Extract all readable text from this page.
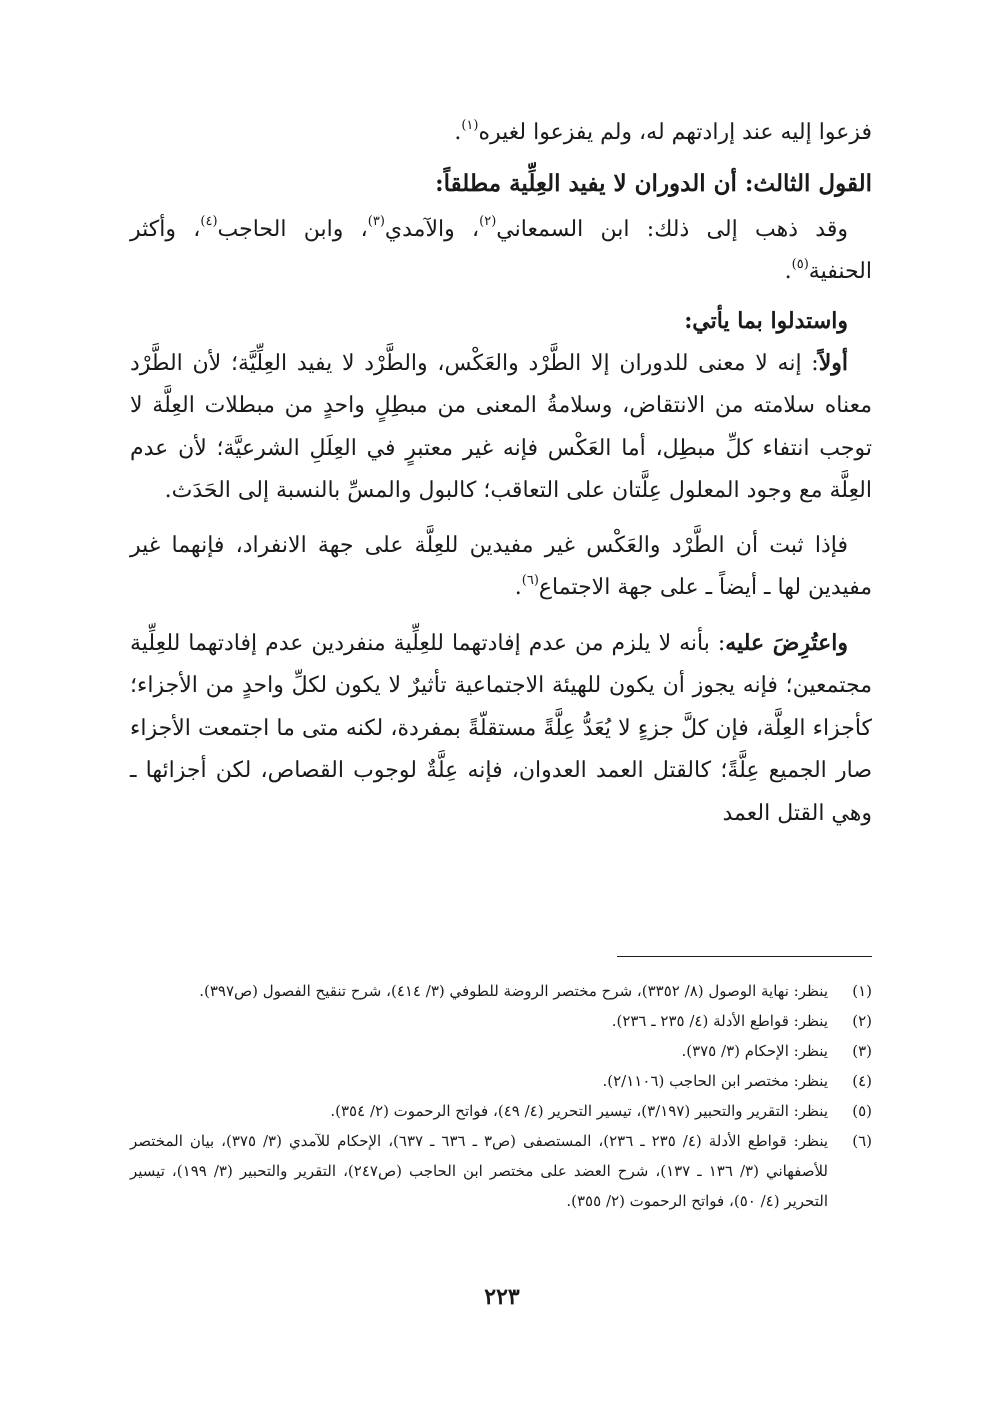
فزعوا إليه عند إرادتهم له، ولم يفزعوا لغيره$^{(١)}$.

القول الثالث: أن الدوران لا يفيد العِلِّية مطلقاً:

وقد ذهب إلى ذلك: ابن السمعاني$^{(٢)}$، والآمدي$^{(٣)}$، وابن الحاجب$^{(٤)}$، وأكثر الحنفية$^{(٥)}$.

واستدلوا بما يأتي:

أولاً: إنه لا معنى للدوران إلا الطَّرْد والعَكْس، والطَّرْد لا يفيد العِلِّيَّة؛ لأن الطَّرْد معناه سلامته من الانتقاض، وسلامةُ المعنى من مبطِلٍ واحدٍ من مبطلات العِلَّة لا توجب انتفاء كلِّ مبطِل، أما العَكْس فإنه غير معتبرٍ في العِلَلِ الشرعيَّة؛ لأن عدم العِلَّة مع وجود المعلول عِلَّتان على التعاقب؛ كالبول والمسِّ بالنسبة إلى الحَدَث.

فإذا ثبت أن الطَّرْد والعَكْس غير مفيدين للعِلَّة على جهة الانفراد، فإنهما غير مفيدين لها ـ أيضاً ـ على جهة الاجتماع$^{(٦)}$.

واعتُرِضَ عليه: بأنه لا يلزم من عدم إفادتهما للعِلِّية منفردين عدم إفادتهما للعِلِّية مجتمعين؛ فإنه يجوز أن يكون للهيئة الاجتماعية تأثيرٌ لا يكون لكلِّ واحدٍ من الأجزاء؛ كأجزاء العِلَّة، فإن كلَّ جزءٍ لا يُعَدُّ عِلَّةً مستقلّةً بمفردة، لكنه متى ما اجتمعت الأجزاء صار الجميع عِلَّةً؛ كالقتل العمد العدوان، فإنه عِلَّةٌ لوجوب القصاص، لكن أجزائها ـ وهي القتل العمد

(١)
ينظر: نهاية الوصول (٨/ ٣٣٥٢)، شرح مختصر الروضة للطوفي (٣/ ٤١٤)، شرح تنقيح الفصول (ص٣٩٧).
(٢)
ينظر: قواطع الأدلة (٤/ ٢٣٥ ـ ٢٣٦).
(٣)
ينظر: الإحكام (٣/ ٣٧٥).
(٤)
ينظر: مختصر ابن الحاجب (٢/١١٠٦).
(٥)
ينظر: التقرير والتحبير (٣/١٩٧)، تيسير التحرير (٤/ ٤٩)، فواتح الرحموت (٢/ ٣٥٤).
(٦)
ينظر: قواطع الأدلة (٤/ ٢٣٥ ـ ٢٣٦)، المستصفى (ص٣ ـ ٦٣٦ ـ ٦٣٧)، الإحكام للآمدي (٣/ ٣٧٥)، بيان المختصر للأصفهاني (٣/ ١٣٦ ـ ١٣٧)، شرح العضد على مختصر ابن الحاجب (ص٢٤٧)، التقرير والتحبير (٣/ ١٩٩)، تيسير التحرير (٤/ ٥٠)، فواتح الرحموت (٢/ ٣٥٥).
٢٢٣
